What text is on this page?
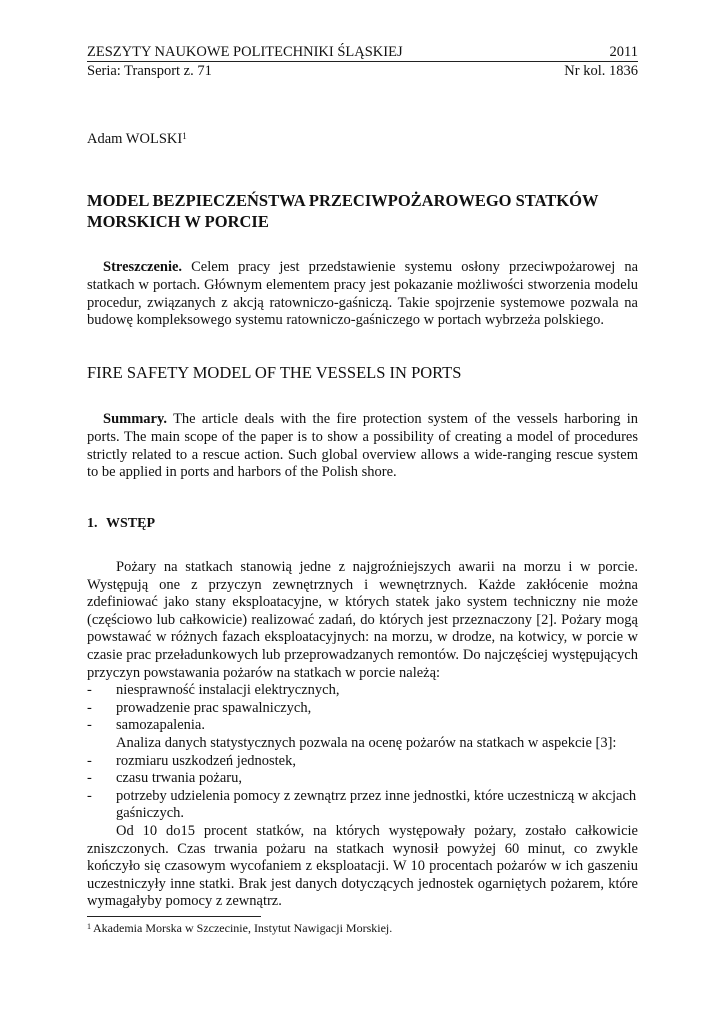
ZESZYTY NAUKOWE POLITECHNIKI ŚLĄSKIEJ	2011
Seria: Transport z. 71	Nr kol. 1836
Adam WOLSKI$^1$
MODEL BEZPIECZEŃSTWA PRZECIWPOŻAROWEGO STATKÓW MORSKICH W PORCIE
Streszczenie. Celem pracy jest przedstawienie systemu osłony przeciwpożarowej na statkach w portach. Głównym elementem pracy jest pokazanie możliwości stworzenia modelu procedur, związanych z akcją ratowniczo-gaśniczą. Takie spojrzenie systemowe pozwala na budowę kompleksowego systemu ratowniczo-gaśniczego w portach wybrzeża polskiego.
FIRE SAFETY MODEL OF THE VESSELS IN PORTS
Summary. The article deals with the fire protection system of the vessels harboring in ports. The main scope of the paper is to show a possibility of creating a model of procedures strictly related to a rescue action. Such global overview allows a wide-ranging rescue system to be applied in ports and harbors of the Polish shore.
1. WSTĘP

Pożary na statkach stanowią jedne z najgroźniejszych awarii na morzu i w porcie. Występują one z przyczyn zewnętrznych i wewnętrznych. Każde zakłócenie można zdefiniować jako stany eksploatacyjne, w których statek jako system techniczny nie może (częściowo lub całkowicie) realizować zadań, do których jest przeznaczony [2]. Pożary mogą powstawać w różnych fazach eksploatacyjnych: na morzu, w drodze, na kotwicy, w porcie w czasie prac przeładunkowych lub przeprowadzanych remontów. Do najczęściej występujących przyczyn powstawania pożarów na statkach w porcie należą:

- niesprawność instalacji elektrycznych,
- prowadzenie prac spawalniczych,
- samozapalenia.

Analiza danych statystycznych pozwala na ocenę pożarów na statkach w aspekcie [3]:

- rozmiaru uszkodzeń jednostek,
- czasu trwania pożaru,
- potrzeby udzielenia pomocy z zewnątrz przez inne jednostki, które uczestniczą w akcjach gaśniczych.

Od 10 do15 procent statków, na których występowały pożary, zostało całkowicie zniszczonych. Czas trwania pożaru na statkach wynosił powyżej 60 minut, co zwykle kończyło się czasowym wycofaniem z eksploatacji. W 10 procentach pożarów w ich gaszeniu uczestniczyły inne statki. Brak jest danych dotyczących jednostek ogarniętych pożarem, które wymagałyby pomocy z zewnątrz.

$^1$ Akademia Morska w Szczecinie, Instytut Nawigacji Morskiej.
